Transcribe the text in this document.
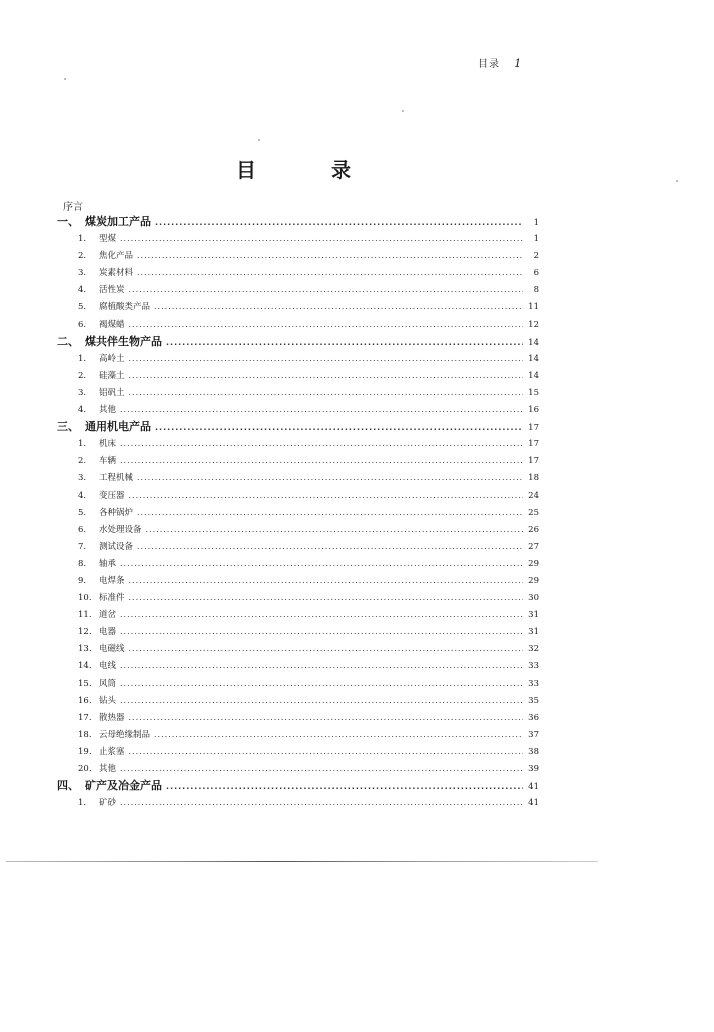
目录 1
目	录
序言
一、 煤炭加工产品 .....	1
1.	型煤 .....	1
2.	焦化产品 .....	2
3.	炭素材料 .....	6
4.	活性炭 .....	8
5.	腐植酸类产品 .....	11
6.	褐煤蜡 .....	12
二、 煤共伴生物产品 .....	14
1.	高岭土 .....	14
2.	硅藻土 .....	14
3.	铝矾土 .....	15
4.	其他 .....	16
三、 通用机电产品 .....	17
1.	机床 .....	17
2.	车辆 .....	17
3.	工程机械 .....	18
4.	变压器 .....	24
5.	各种锅炉 .....	25
6.	水处理设备 .....	26
7.	测试设备 .....	27
8.	轴承 .....	29
9.	电焊条 .....	29
10. 标准件 .....	30
11. 道岔 .....	31
12. 电器 .....	31
13. 电磁线 .....	32
14. 电线 .....	33
15. 风筒 .....	33
16. 钻头 .....	35
17. 散热器 .....	36
18. 云母绝缘制品 .....	37
19. 止浆塞 .....	38
20. 其他 .....	39
四、 矿产及冶金产品 .....	41
1.	矿砂 .....	41
